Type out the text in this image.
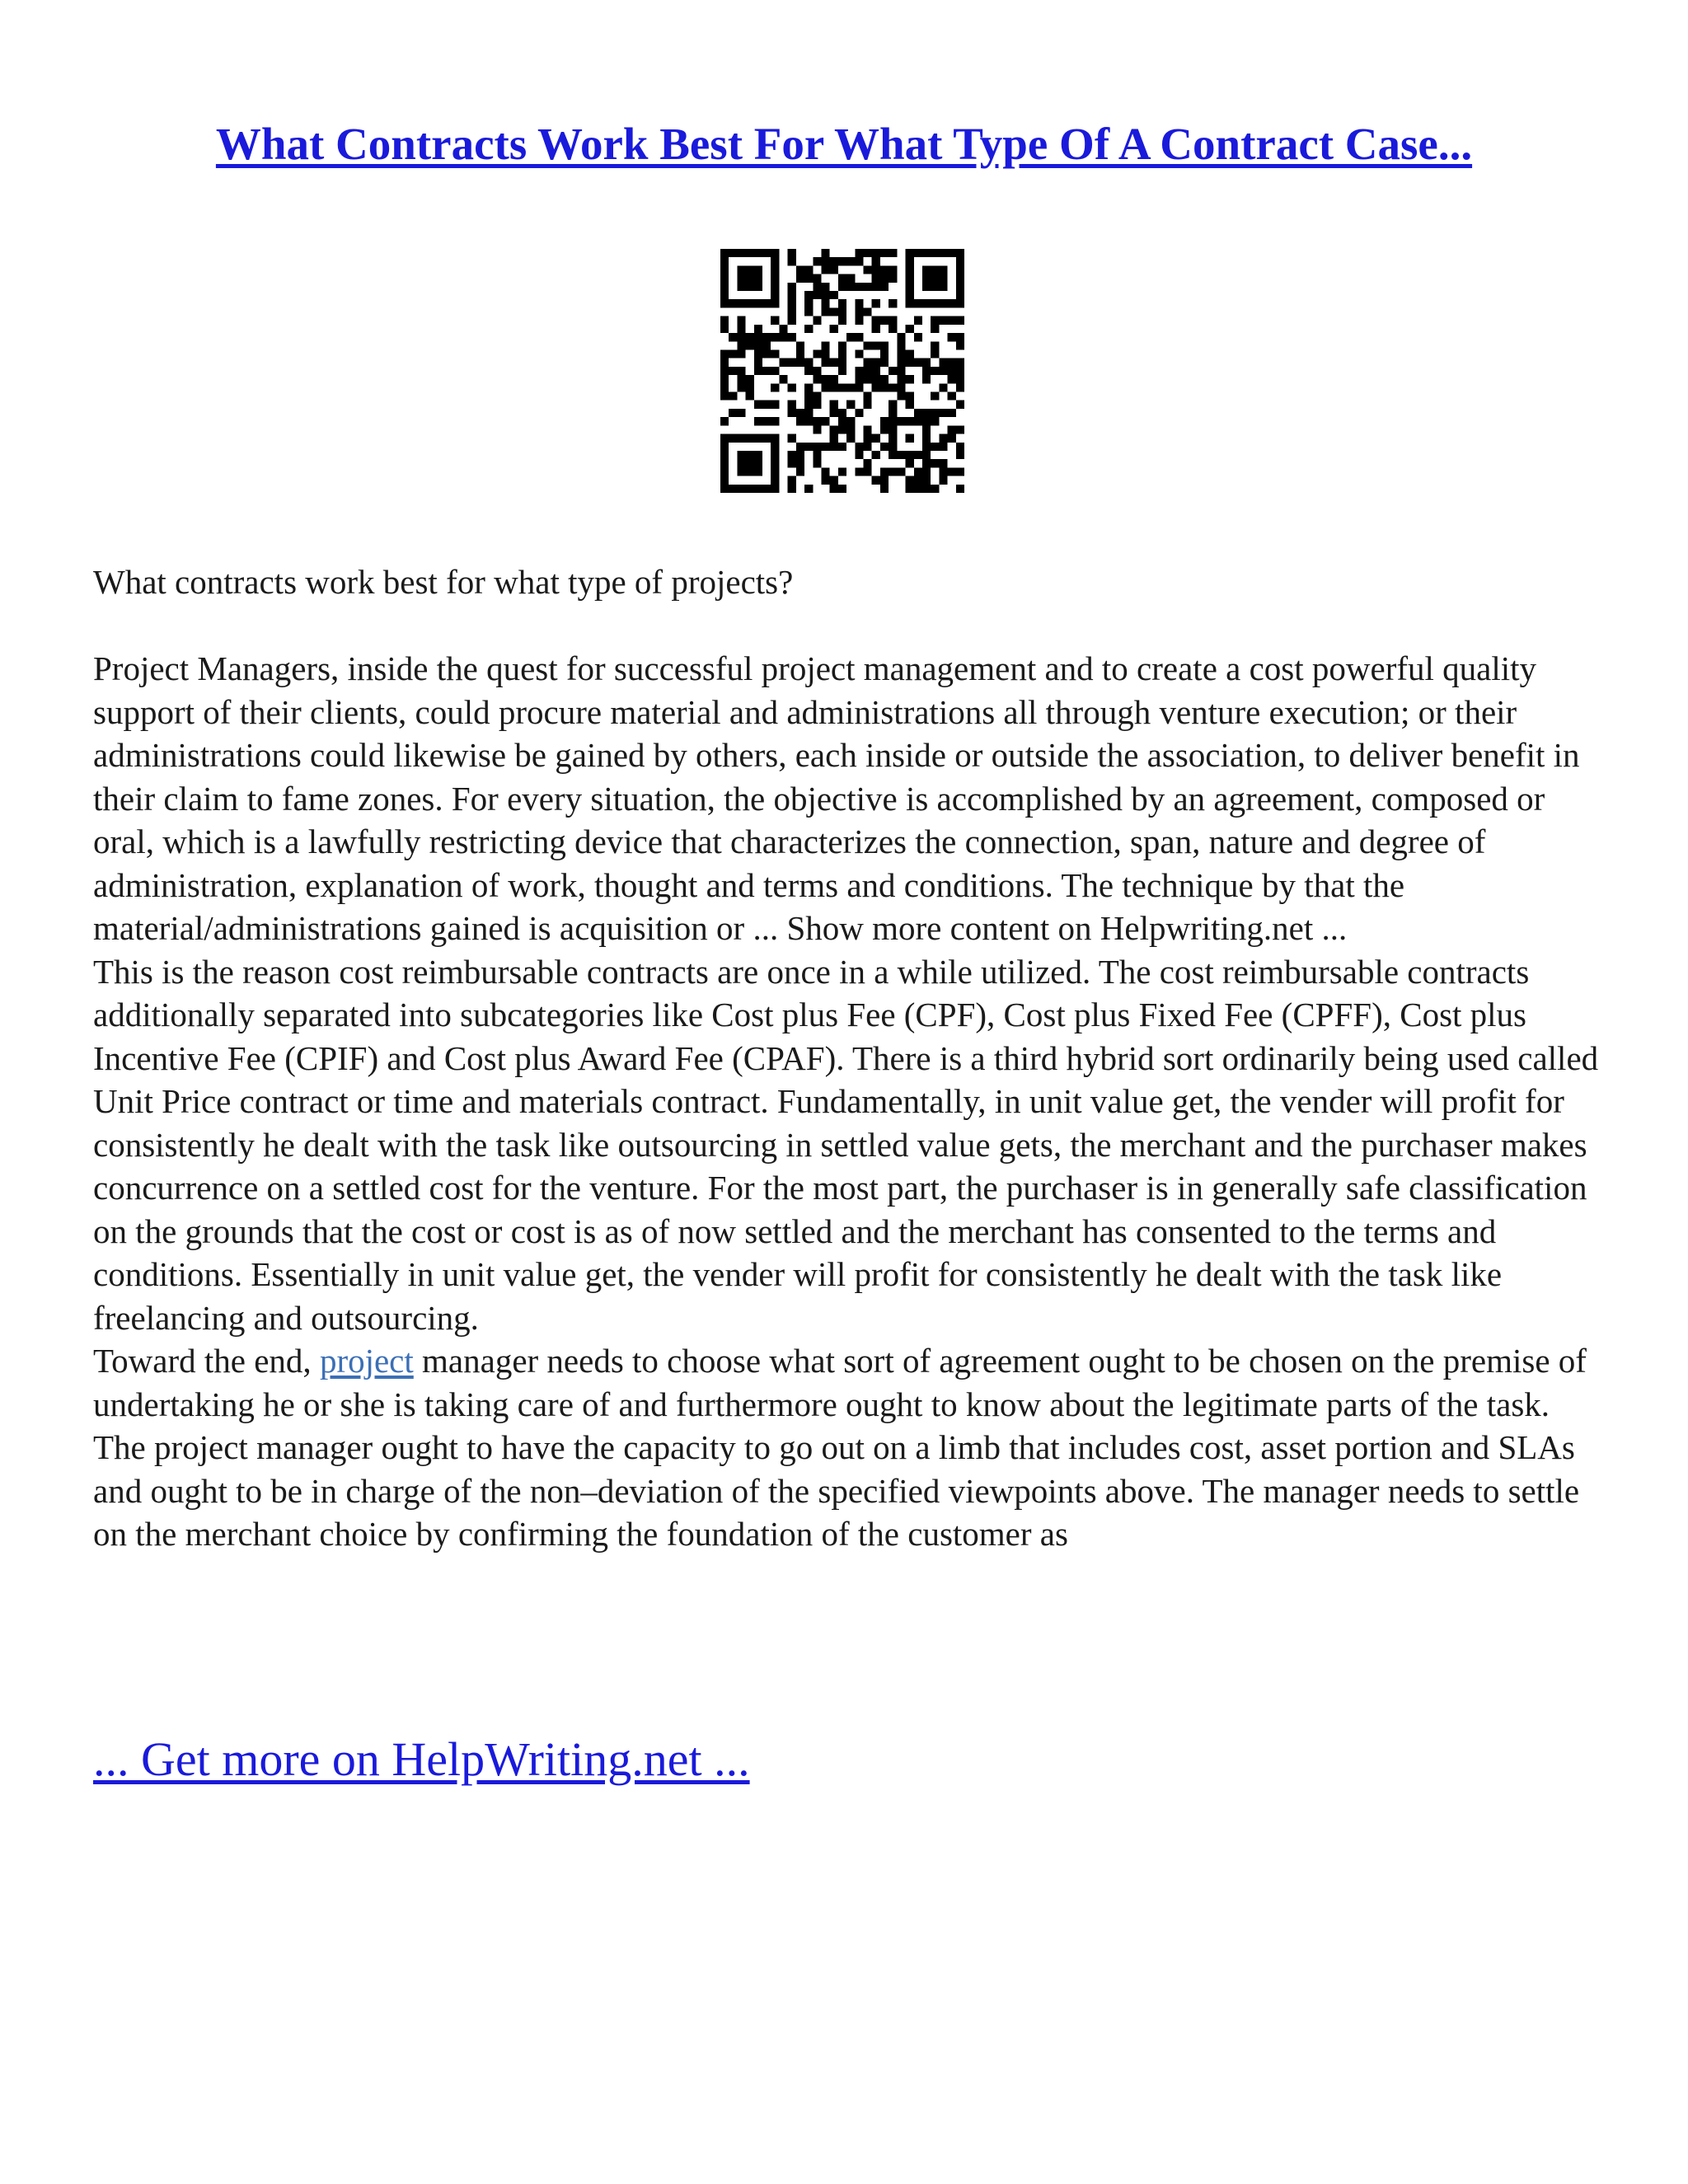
What Contracts Work Best For What Type Of A Contract Case...

What contracts work best for what type of projects?

Project Managers, inside the quest for successful project management and to create a cost powerful quality support of their clients, could procure material and administrations all through venture execution; or their administrations could likewise be gained by others, each inside or outside the association, to deliver benefit in their claim to fame zones. For every situation, the objective is accomplished by an agreement, composed or oral, which is a lawfully restricting device that characterizes the connection, span, nature and degree of administration, explanation of work, thought and terms and conditions. The technique by that the material/administrations gained is acquisition or ... Show more content on Helpwriting.net ...

This is the reason cost reimbursable contracts are once in a while utilized. The cost reimbursable contracts additionally separated into subcategories like Cost plus Fee (CPF), Cost plus Fixed Fee (CPFF), Cost plus Incentive Fee (CPIF) and Cost plus Award Fee (CPAF). There is a third hybrid sort ordinarily being used called Unit Price contract or time and materials contract. Fundamentally, in unit value get, the vender will profit for consistently he dealt with the task like outsourcing in settled value gets, the merchant and the purchaser makes concurrence on a settled cost for the venture. For the most part, the purchaser is in generally safe classification on the grounds that the cost or cost is as of now settled and the merchant has consented to the terms and conditions. Essentially in unit value get, the vender will profit for consistently he dealt with the task like freelancing and outsourcing.

Toward the end, project manager needs to choose what sort of agreement ought to be chosen on the premise of undertaking he or she is taking care of and furthermore ought to know about the legitimate parts of the task. The project manager ought to have the capacity to go out on a limb that includes cost, asset portion and SLAs and ought to be in charge of the non–deviation of the specified viewpoints above. The manager needs to settle on the merchant choice by confirming the foundation of the customer as

... Get more on HelpWriting.net ...
